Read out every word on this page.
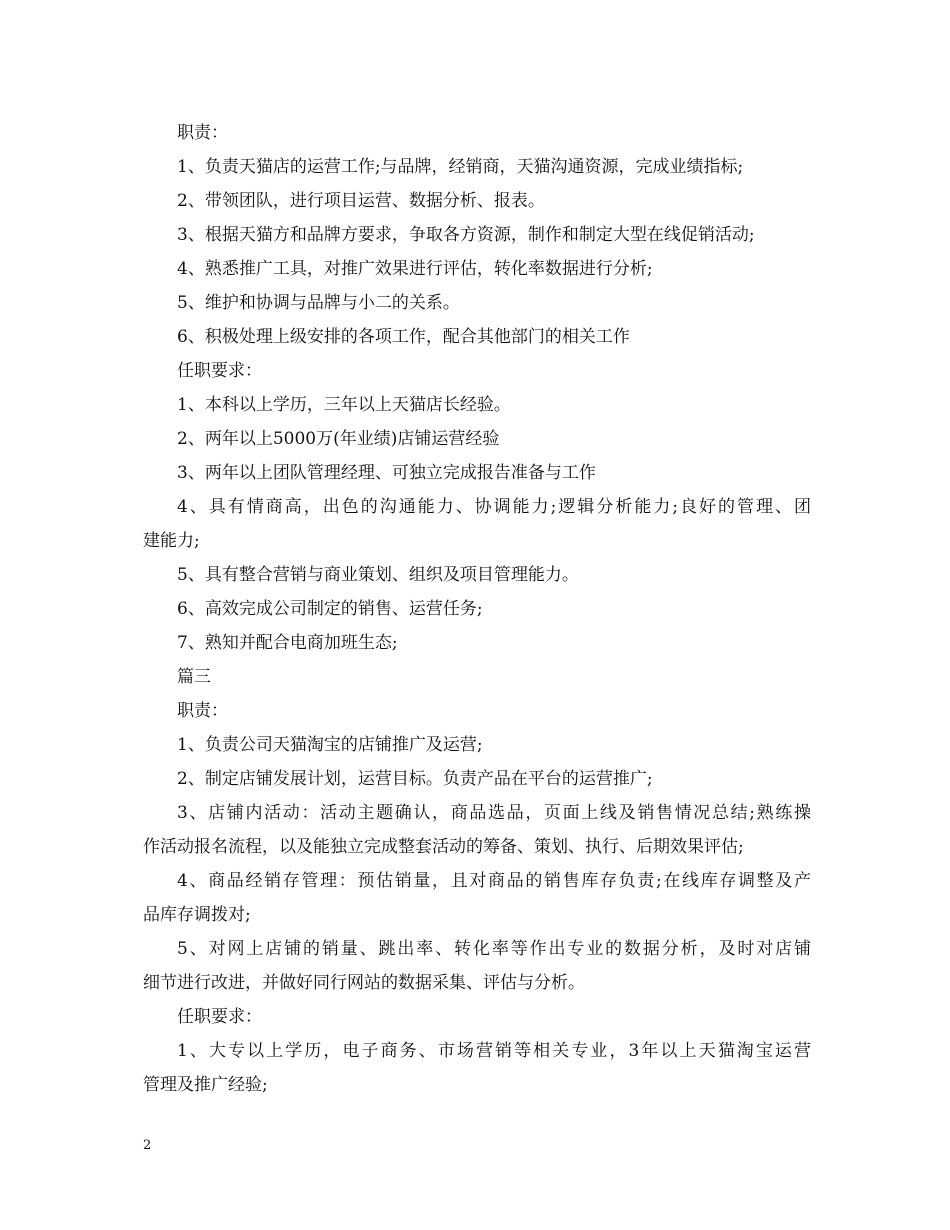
职责：
1、负责天猫店的运营工作;与品牌，经销商，天猫沟通资源，完成业绩指标;
2、带领团队，进行项目运营、数据分析、报表。
3、根据天猫方和品牌方要求，争取各方资源，制作和制定大型在线促销活动;
4、熟悉推广工具，对推广效果进行评估，转化率数据进行分析;
5、维护和协调与品牌与小二的关系。
6、积极处理上级安排的各项工作，配合其他部门的相关工作
任职要求：
1、本科以上学历，三年以上天猫店长经验。
2、两年以上5000万(年业绩)店铺运营经验
3、两年以上团队管理经理、可独立完成报告准备与工作
4、具有情商高，出色的沟通能力、协调能力;逻辑分析能力;良好的管理、团
建能力;
5、具有整合营销与商业策划、组织及项目管理能力。
6、高效完成公司制定的销售、运营任务;
7、熟知并配合电商加班生态;
篇三
职责：
1、负责公司天猫淘宝的店铺推广及运营;
2、制定店铺发展计划，运营目标。负责产品在平台的运营推广;
3、店铺内活动：活动主题确认，商品选品，页面上线及销售情况总结;熟练操
作活动报名流程，以及能独立完成整套活动的筹备、策划、执行、后期效果评估;
4、商品经销存管理：预估销量，且对商品的销售库存负责;在线库存调整及产
品库存调拨对;
5、对网上店铺的销量、跳出率、转化率等作出专业的数据分析，及时对店铺
细节进行改进，并做好同行网站的数据采集、评估与分析。
任职要求：
1、大专以上学历，电子商务、市场营销等相关专业，3年以上天猫淘宝运营
管理及推广经验;
2
